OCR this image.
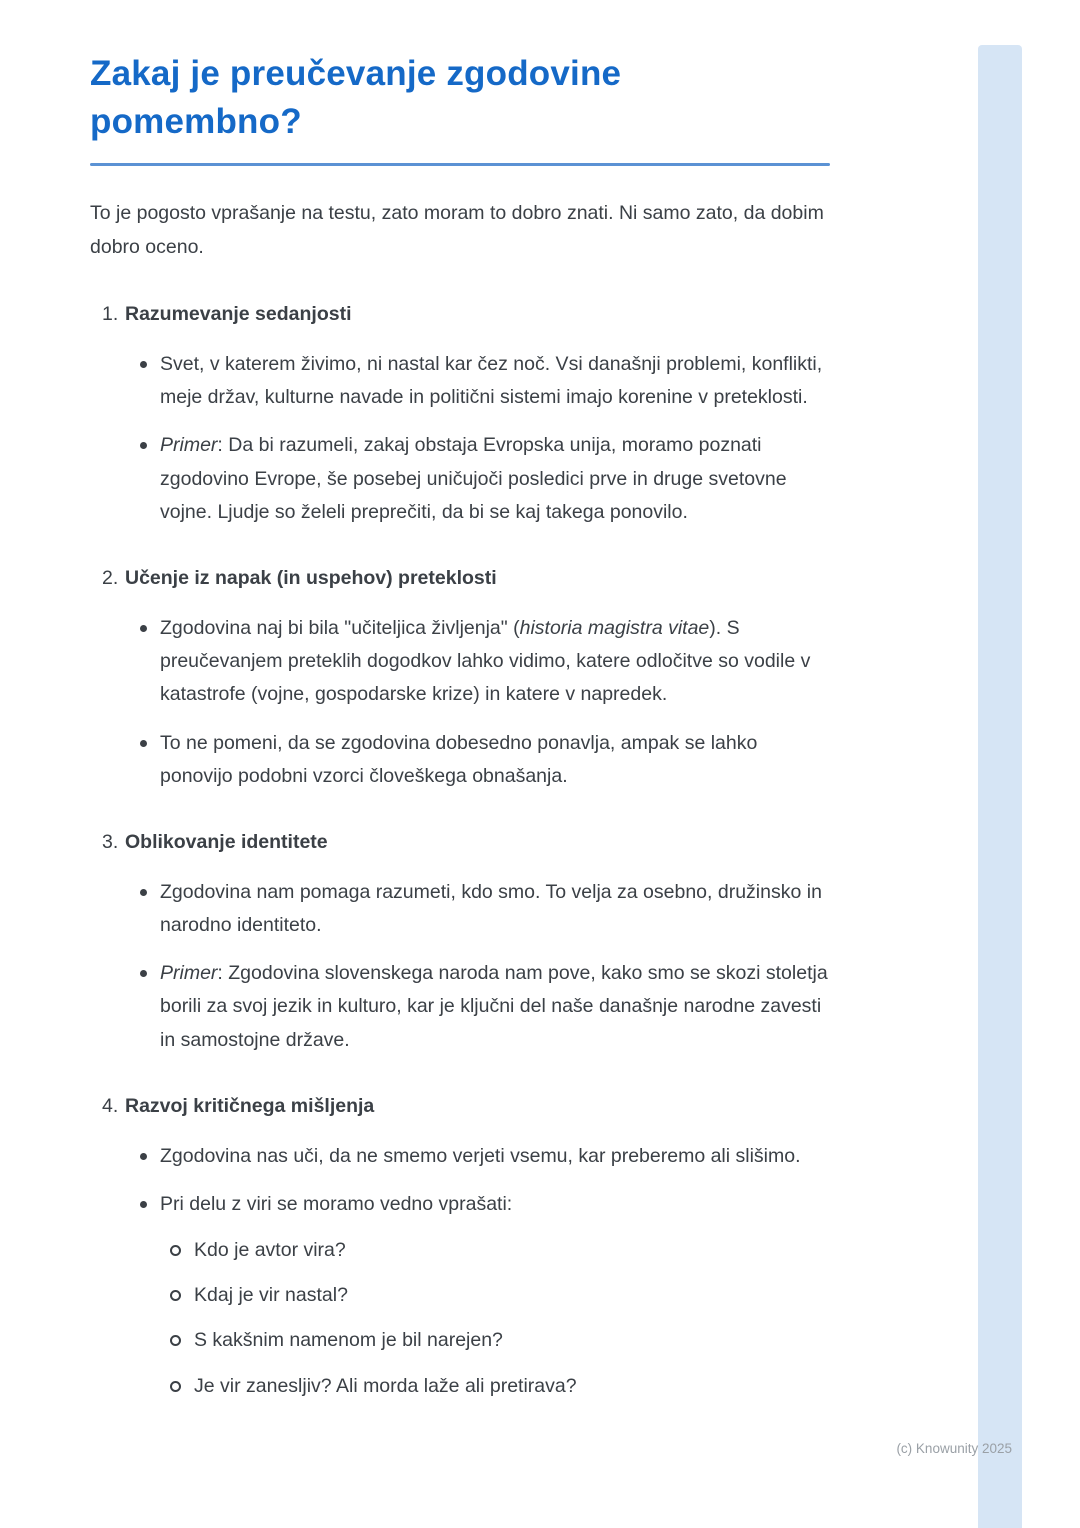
Zakaj je preučevanje zgodovine pomembno?

To je pogosto vprašanje na testu, zato moram to dobro znati. Ni samo zato, da dobim dobro oceno.

1. Razumevanje sedanjosti

Svet, v katerem živimo, ni nastal kar čez noč. Vsi današnji problemi, konflikti, meje držav, kulturne navade in politični sistemi imajo korenine v preteklosti.

Primer: Da bi razumeli, zakaj obstaja Evropska unija, moramo poznati zgodovino Evrope, še posebej uničujoči posledici prve in druge svetovne vojne. Ljudje so želeli preprečiti, da bi se kaj takega ponovilo.

2. Učenje iz napak (in uspehov) preteklosti

Zgodovina naj bi bila "učiteljica življenja" (historia magistra vitae). S preučevanjem preteklih dogodkov lahko vidimo, katere odločitve so vodile v katastrofe (vojne, gospodarske krize) in katere v napredek.

To ne pomeni, da se zgodovina dobesedno ponavlja, ampak se lahko ponovijo podobni vzorci človeškega obnašanja.

3. Oblikovanje identitete

Zgodovina nam pomaga razumeti, kdo smo. To velja za osebno, družinsko in narodno identiteto.

Primer: Zgodovina slovenskega naroda nam pove, kako smo se skozi stoletja borili za svoj jezik in kulturo, kar je ključni del naše današnje narodne zavesti in samostojne države.

4. Razvoj kritičnega mišljenja

Zgodovina nas uči, da ne smemo verjeti vsemu, kar preberemo ali slišimo.

Pri delu z viri se moramo vedno vprašati:

Kdo je avtor vira?

Kdaj je vir nastal?

S kakšnim namenom je bil narejen?

Je vir zanesljiv? Ali morda laže ali pretirava?

(c) Knowunity 2025
